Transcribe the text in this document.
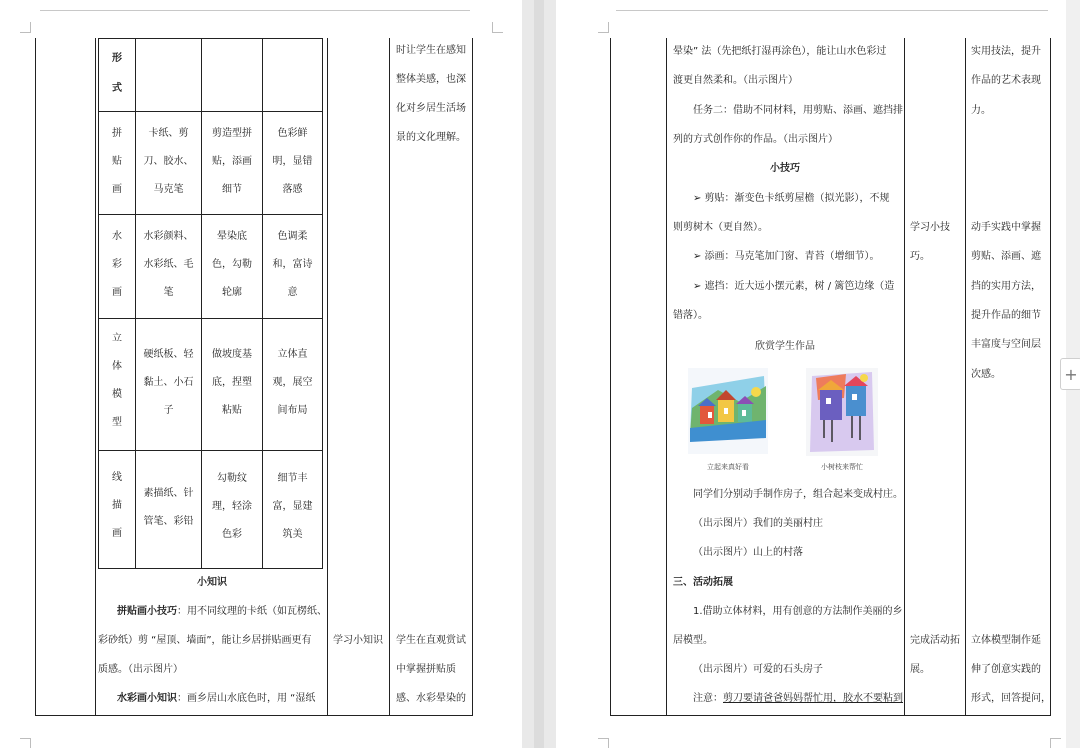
形
式
拼
贴
画
卡纸、剪
刀、胶水、
马克笔
剪造型拼
贴，添画
细节
色彩鲜
明，显错
落感
水
彩
画
水彩颜料、
水彩纸、毛
笔
晕染底
色，勾勒
轮廓
色调柔
和，富诗
意
立
体
模
型
硬纸板、轻
黏土、小石
子
做坡度基
底，捏塑
粘贴
立体直
观，展空
间布局
线
描
画
素描纸、针
管笔、彩铅
勾勒纹
理，轻涂
色彩
细节丰
富，显建
筑美
时让学生在感知
整体美感，也深
化对乡居生活场
景的文化理解。
小知识
拼贴画小技巧：用不同纹理的卡纸（如瓦楞纸、
彩砂纸）剪 “屋顶、墙面”，能让乡居拼贴画更有
质感。（出示图片）
水彩画小知识：画乡居山水底色时，用 “湿纸
学习小知识 学生在直观赏试
中掌握拼贴质
感、水彩晕染的
晕染” 法（先把纸打湿再涂色），能让山水色彩过
渡更自然柔和。（出示图片）
任务二：借助不同材料，用剪贴、添画、遮挡排
列的方式创作你的作品。（出示图片）
小技巧
➢ 剪贴：渐变色卡纸剪屋檐（拟光影），不规
则剪树木（更自然）。
➢ 添画：马克笔加门窗、青苔（增细节）。
➢ 遮挡：近大远小摆元素，树 / 篱笆边缘（造
错落）。
欣赏学生作品
立起来真好看	小树枝来帮忙
同学们分别动手制作房子，组合起来变成村庄。
（出示图片）我们的美丽村庄
（出示图片）山上的村落
三、活动拓展
1.借助立体材料，用有创意的方法制作美丽的乡
居模型。
（出示图片）可爱的石头房子
注意：剪刀要请爸爸妈妈帮忙用，胶水不要粘到
学习小技
巧。
完成活动拓
展。
实用技法，提升
作品的艺术表现
力。
动手实践中掌握
剪贴、添画、遮
挡的实用方法，
提升作品的细节
丰富度与空间层
次感。
立体模型制作延
伸了创意实践的
形式，回答提问，
+
